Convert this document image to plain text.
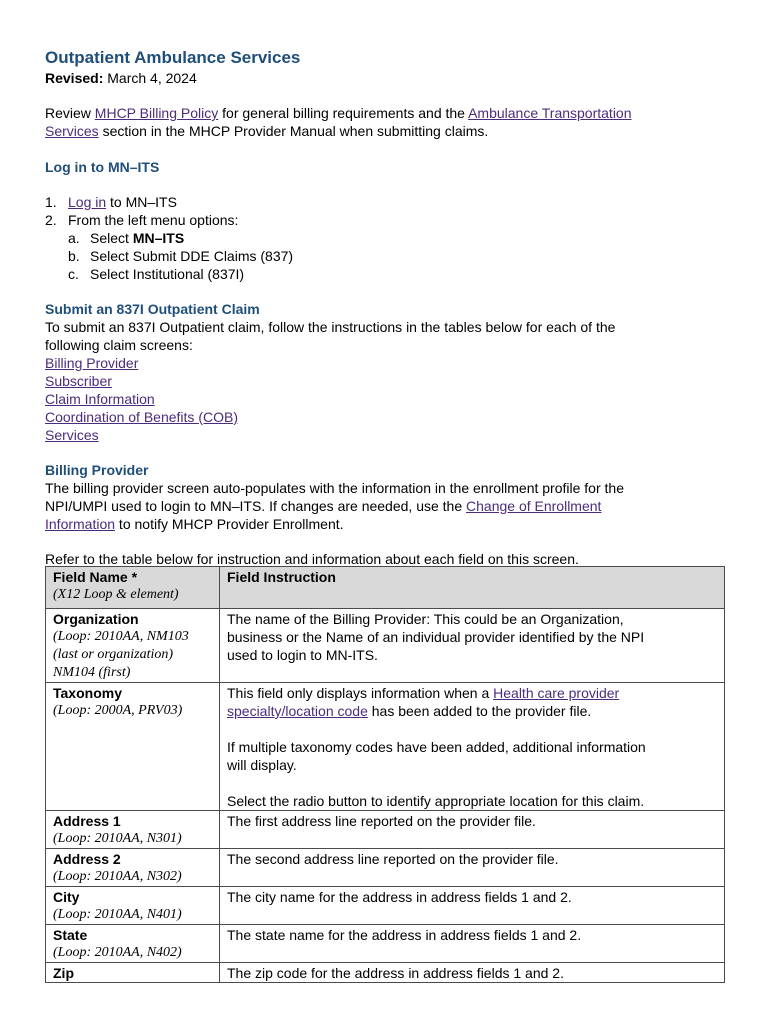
Outpatient Ambulance Services
Revised: March 4, 2024
Review MHCP Billing Policy for general billing requirements and the Ambulance Transportation
Services section in the MHCP Provider Manual when submitting claims.
Log in to MN–ITS
1. Log in to MN–ITS
2. From the left menu options:
a. Select MN–ITS
b. Select Submit DDE Claims (837)
c. Select Institutional (837I)
Submit an 837I Outpatient Claim
To submit an 837I Outpatient claim, follow the instructions in the tables below for each of the
following claim screens:
Billing Provider
Subscriber
Claim Information
Coordination of Benefits (COB)
Services
Billing Provider
The billing provider screen auto-populates with the information in the enrollment profile for the
NPI/UMPI used to login to MN–ITS. If changes are needed, use the Change of Enrollment
Information to notify MHCP Provider Enrollment.
Refer to the table below for instruction and information about each field on this screen.
Field Name *
(X12 Loop & element)	Field Instruction

Organization
(Loop: 2010AA, NM103
(last or organization)
NM104 (first)	The name of the Billing Provider: This could be an Organization,
business or the Name of an individual provider identified by the NPI
used to login to MN-ITS.

Taxonomy
(Loop: 2000A, PRV03)	This field only displays information when a Health care provider
specialty/location code has been added to the provider file.
If multiple taxonomy codes have been added, additional information
will display.
Select the radio button to identify appropriate location for this claim.

Address 1
(Loop: 2010AA, N301)	The first address line reported on the provider file.

Address 2
(Loop: 2010AA, N302)	The second address line reported on the provider file.

City
(Loop: 2010AA, N401)	The city name for the address in address fields 1 and 2.

State
(Loop: 2010AA, N402)	The state name for the address in address fields 1 and 2.

Zip	The zip code for the address in address fields 1 and 2.
